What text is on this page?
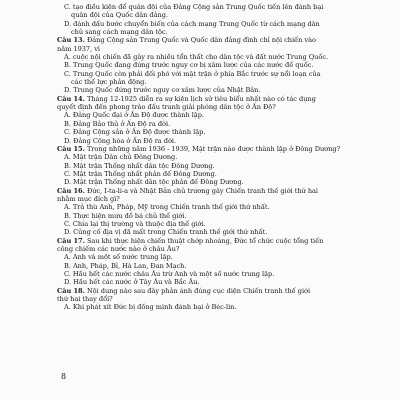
C. tạo điều kiện để quân đội của Đảng Cộng sản Trung Quốc tiến lên đánh bại
quân đội của Quốc dân đảng.
D. đánh dấu bước chuyển biến của cách mạng Trung Quốc từ cách mạng dân
chủ sang cách mạng dân tộc.
Câu 13. Đảng Cộng sản Trung Quốc và Quốc dân đảng đình chỉ nội chiến vào
năm 1937, vì
A. cuộc nội chiến đã gây ra nhiều tổn thất cho dân tộc và đất nước Trung Quốc.
B. Trung Quốc đang đứng trước nguy cơ bị xâm lược của các nước đế quốc.
C. Trung Quốc còn phải đối phó với mặt trận ở phía Bắc trước sự nổi loạn của
các thế lực phản động.
D. Trung Quốc đứng trước nguy cơ xâm lược của Nhật Bản.
Câu 14. Tháng 12-1925 diễn ra sự kiện lịch sử tiêu biểu nhất nào có tác dụng
quyết định đến phong trào đấu tranh giải phóng dân tộc ở Ấn Độ?
A. Đảng Quốc đại ở Ấn Độ được thành lập.
B. Đảng Bảo thủ ở Ấn Độ ra đời.
C. Đảng Cộng sản ở Ấn Độ được thành lập.
D. Đảng Cộng hòa ở Ấn Độ ra đời.
Câu 15. Trong những năm 1936 - 1939, Mặt trận nào được thành lập ở Đông Dương?
A. Mặt trận Dân chủ Đông Dương.
B. Mặt trận Thống nhất dân tộc Đông Dương.
C. Mặt trận Thống nhất phản đế Đông Dương.
D. Mặt trận Thống nhất dân tộc phản đế Đông Dương.
Câu 16. Đức, I-ta-li-a và Nhật Bản chủ trương gây Chiến tranh thế giới thứ hai
nhằm mục đích gì?
A. Trả thù Anh, Pháp, Mỹ trong Chiến tranh thế giới thứ nhất.
B. Thực hiện mưu đồ bá chủ thế giới.
C. Chia lại thị trường và thuộc địa thế giới.
D. Củng cố địa vị đã mất trong Chiến tranh thế giới thứ nhất.
Câu 17. Sau khi thực hiện chiến thuật chớp nhoáng, Đức tổ chức cuộc tổng tiến
công chiếm các nước nào ở châu Âu?
A. Anh và một số nước trung lập.
B. Anh, Pháp, Bỉ, Hà Lan, Đan Mạch.
C. Hầu hết các nước châu Âu trừ Anh và một số nước trung lập.
D. Hầu hết các nước ở Tây Âu và Bắc Âu.
Câu 18. Nội dung nào sau đây phản ánh đúng cục diện Chiến tranh thế giới
thứ hai thay đổi?
A. Khi phát xít Đức bị đồng minh đánh bại ở Béc-lin.
8
